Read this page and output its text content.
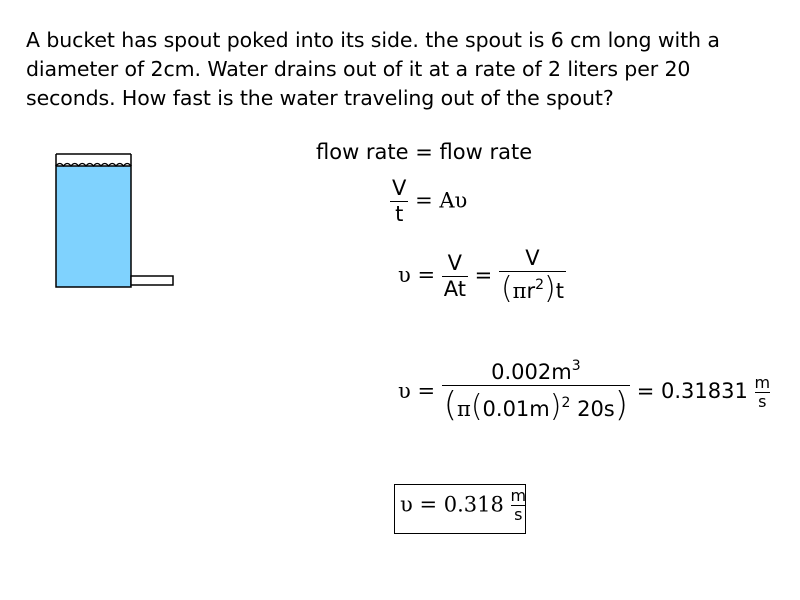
A bucket has spout poked into its side. the spout is 6 cm long with a diameter of 2cm. Water drains out of it at a rate of 2 liters per 20 seconds. How fast is the water traveling out of the spout?
flow rate = flow rate
$\frac{V}{t} = A\upsilon$
$\upsilon = \frac{V}{At} = \frac{V}{(\pi r^2)t}$
$\upsilon = \frac{0.002m^3}{(\pi(0.01m)^2 20s)} = 0.31831 \frac{m}{s}$
$\upsilon = 0.318 \frac{m}{s}$
